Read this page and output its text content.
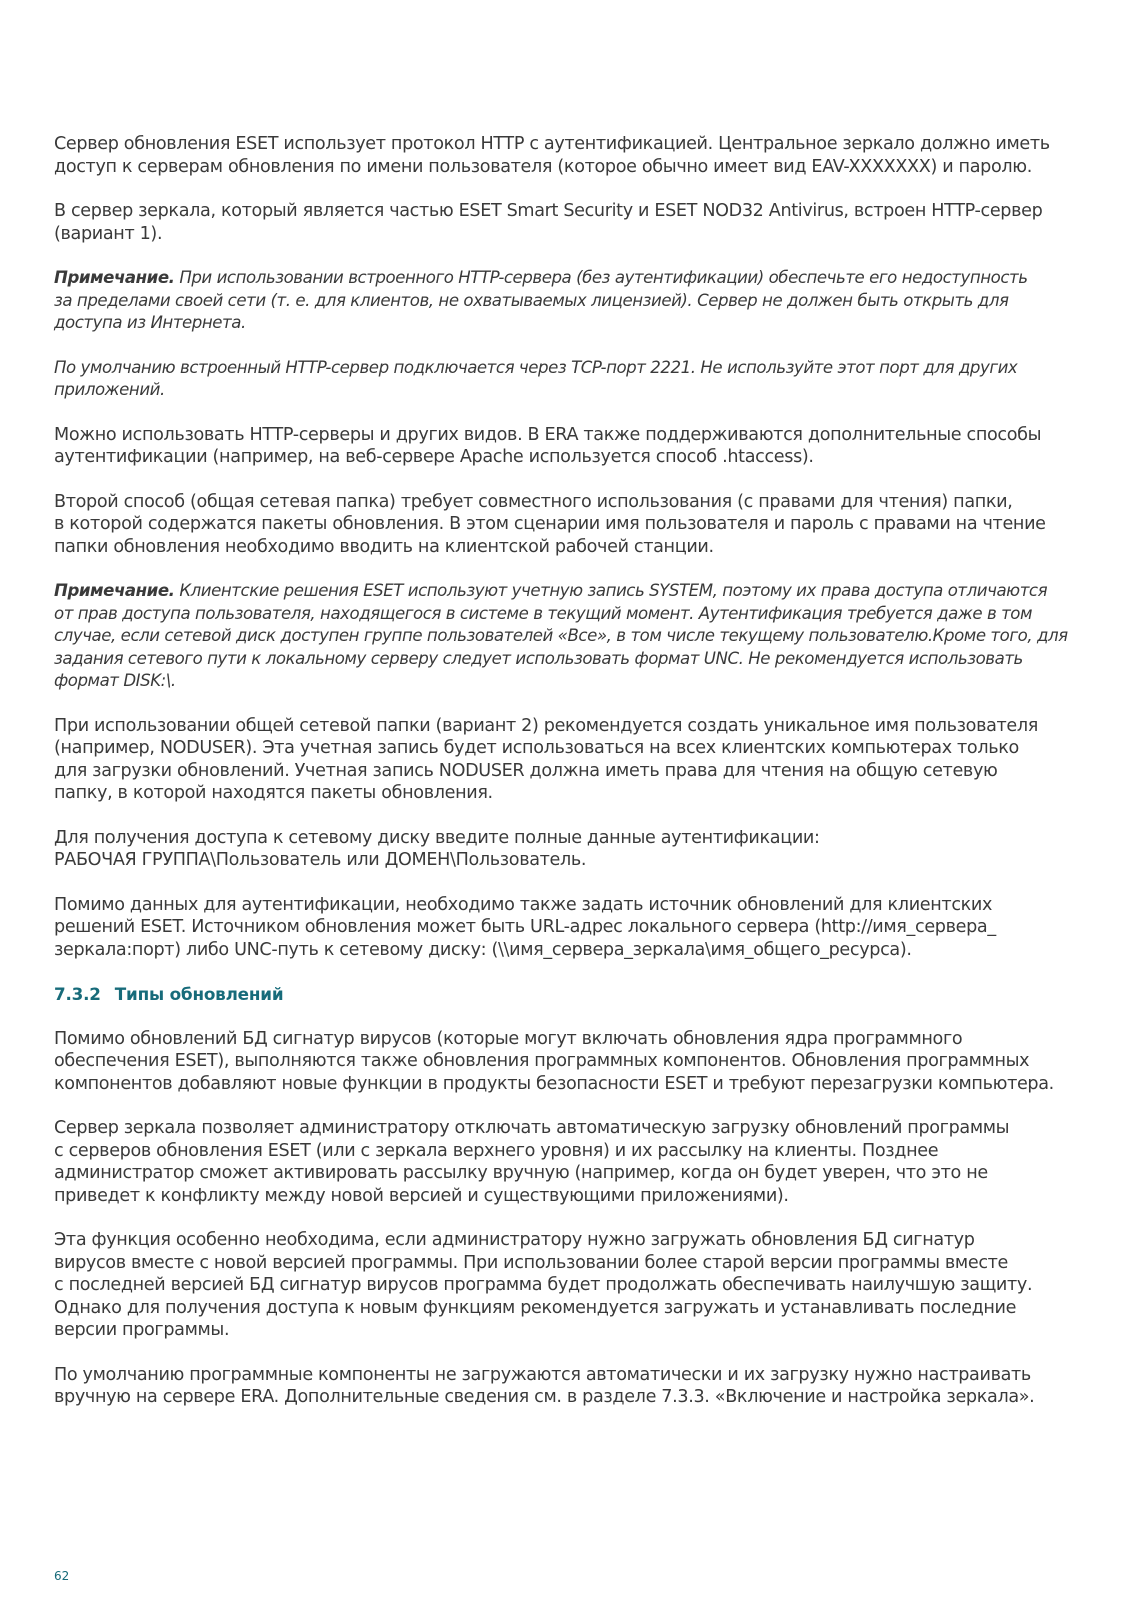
Сервер обновления ESET использует протокол HTTP с аутентификацией. Центральное зеркало должно иметь
доступ к серверам обновления по имени пользователя (которое обычно имеет вид EAV-XXXXXXX) и паролю.

В сервер зеркала, который является частью ESET Smart Security и ESET NOD32 Antivirus, встроен HTTP-сервер
(вариант 1).

Примечание. При использовании встроенного HTTP-сервера (без аутентификации) обеспечьте его недоступность
за пределами своей сети (т. е. для клиентов, не охватываемых лицензией). Сервер не должен быть открыть для
доступа из Интернета.

По умолчанию встроенный HTTP-сервер подключается через TCP-порт 2221. Не используйте этот порт для других
приложений.

Можно использовать HTTP-серверы и других видов. В ERA также поддерживаются дополнительные способы
аутентификации (например, на веб-сервере Apache используется способ .htaccess).

Второй способ (общая сетевая папка) требует совместного использования (с правами для чтения) папки,
в которой содержатся пакеты обновления. В этом сценарии имя пользователя и пароль с правами на чтение
папки обновления необходимо вводить на клиентской рабочей станции.

Примечание. Клиентские решения ESET используют учетную запись SYSTEM, поэтому их права доступа отличаются
от прав доступа пользователя, находящегося в системе в текущий момент. Аутентификация требуется даже в том
случае, если сетевой диск доступен группе пользователей «Все», в том числе текущему пользователю.Кроме того, для
задания сетевого пути к локальному серверу следует использовать формат UNC. Не рекомендуется использовать
формат DISK:\.

При использовании общей сетевой папки (вариант 2) рекомендуется создать уникальное имя пользователя
(например, NODUSER). Эта учетная запись будет использоваться на всех клиентских компьютерах только
для загрузки обновлений. Учетная запись NODUSER должна иметь права для чтения на общую сетевую
папку, в которой находятся пакеты обновления.

Для получения доступа к сетевому диску введите полные данные аутентификации:
РАБОЧАЯ ГРУППА\Пользователь или ДОМЕН\Пользователь.

Помимо данных для аутентификации, необходимо также задать источник обновлений для клиентских
решений ESET. Источником обновления может быть URL-адрес локального сервера (http://имя_сервера_
зеркала:порт) либо UNC-путь к сетевому диску: (\\имя_сервера_зеркала\имя_общего_ресурса).

7.3.2 Типы обновлений

Помимо обновлений БД сигнатур вирусов (которые могут включать обновления ядра программного
обеспечения ESET), выполняются также обновления программных компонентов. Обновления программных
компонентов добавляют новые функции в продукты безопасности ESET и требуют перезагрузки компьютера.

Сервер зеркала позволяет администратору отключать автоматическую загрузку обновлений программы
с серверов обновления ESET (или с зеркала верхнего уровня) и их рассылку на клиенты. Позднее
администратор сможет активировать рассылку вручную (например, когда он будет уверен, что это не
приведет к конфликту между новой версией и существующими приложениями).

Эта функция особенно необходима, если администратору нужно загружать обновления БД сигнатур
вирусов вместе с новой версией программы. При использовании более старой версии программы вместе
с последней версией БД сигнатур вирусов программа будет продолжать обеспечивать наилучшую защиту.
Однако для получения доступа к новым функциям рекомендуется загружать и устанавливать последние
версии программы.

По умолчанию программные компоненты не загружаются автоматически и их загрузку нужно настраивать
вручную на сервере ERA. Дополнительные сведения см. в разделе 7.3.3. «Включение и настройка зеркала».

62
